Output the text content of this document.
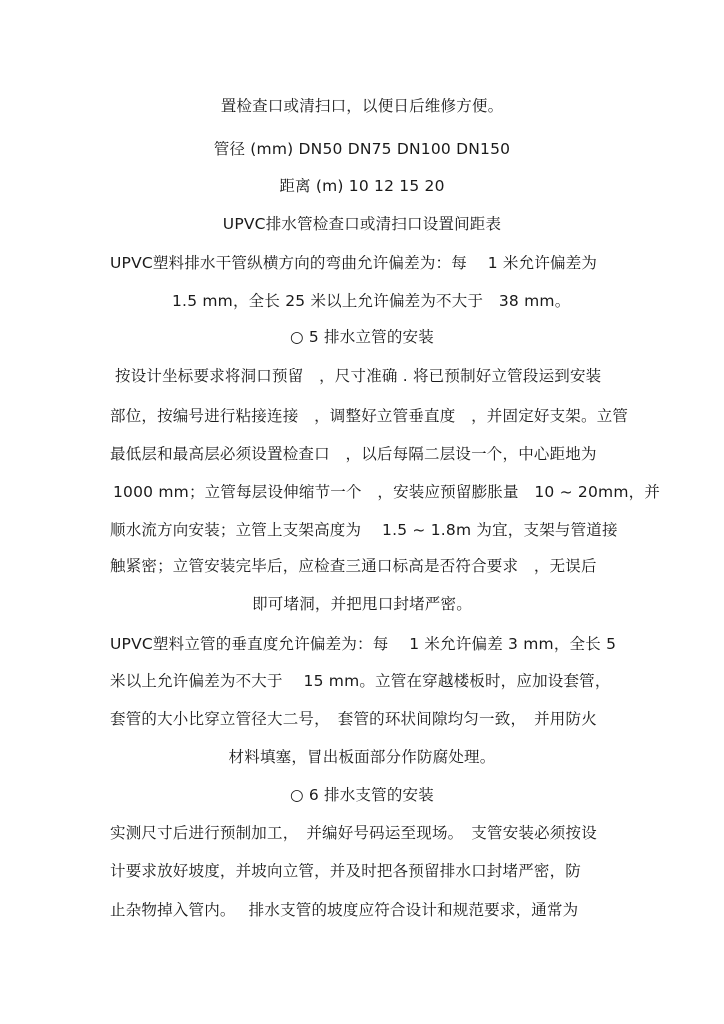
置检查口或清扫口，以便日后维修方便。
管径 (mm) DN50 DN75 DN100 DN150
距离 (m) 10 12 15 20
UPVC排水管检查口或清扫口设置间距表
UPVC塑料排水干管纵横方向的弯曲允许偏差为：每　 1 米允许偏差为
1.5 mm，全长 25 米以上允许偏差为不大于　38 mm。
○ 5 排水立管的安装
按设计坐标要求将洞口预留　，尺寸准确 . 将已预制好立管段运到安装
部位，按编号进行粘接连接　，调整好立管垂直度　，并固定好支架。立管
最低层和最高层必须设置检查口　，以后每隔二层设一个，中心距地为
1000 mm；立管每层设伸缩节一个　，安装应预留膨胀量　10 ~ 20mm，并
顺水流方向安装；立管上支架高度为　 1.5 ~ 1.8m 为宜，支架与管道接
触紧密；立管安装完毕后，应检查三通口标高是否符合要求　，无误后
即可堵洞，并把甩口封堵严密。
UPVC塑料立管的垂直度允许偏差为：每　 1 米允许偏差 3 mm，全长 5
米以上允许偏差为不大于　 15 mm。立管在穿越楼板时，应加设套管，
套管的大小比穿立管径大二号，　套管的环状间隙均匀一致，　并用防火
材料填塞，冒出板面部分作防腐处理。
○ 6 排水支管的安装
实测尺寸后进行预制加工，　并编好号码运至现场。　支管安装必须按设
计要求放好坡度，并坡向立管，并及时把各预留排水口封堵严密，防
止杂物掉入管内。　 排水支管的坡度应符合设计和规范要求，通常为
